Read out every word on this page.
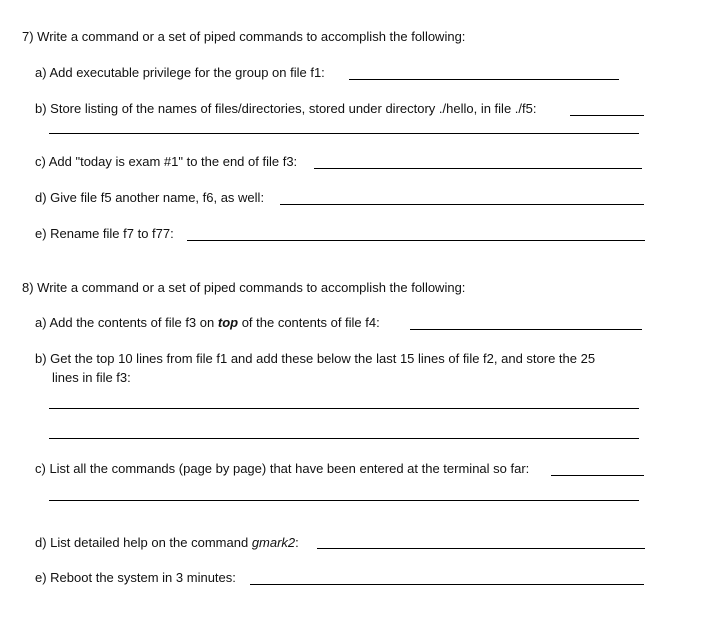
7) Write a command or a set of piped commands to accomplish the following:

a) Add executable privilege for the group on file f1:

b) Store listing of the names of files/directories, stored under directory ./hello, in file ./f5:

c) Add "today is exam #1" to the end of file f3:

d) Give file f5 another name, f6, as well:

e) Rename file f7 to f77:

8) Write a command or a set of piped commands to accomplish the following:

a) Add the contents of file f3 on top of the contents of file f4:

b) Get the top 10 lines from file f1 and add these below the last 15 lines of file f2, and store the 25

lines in file f3:

c) List all the commands (page by page) that have been entered at the terminal so far:

d) List detailed help on the command gmark2:

e) Reboot the system in 3 minutes:
